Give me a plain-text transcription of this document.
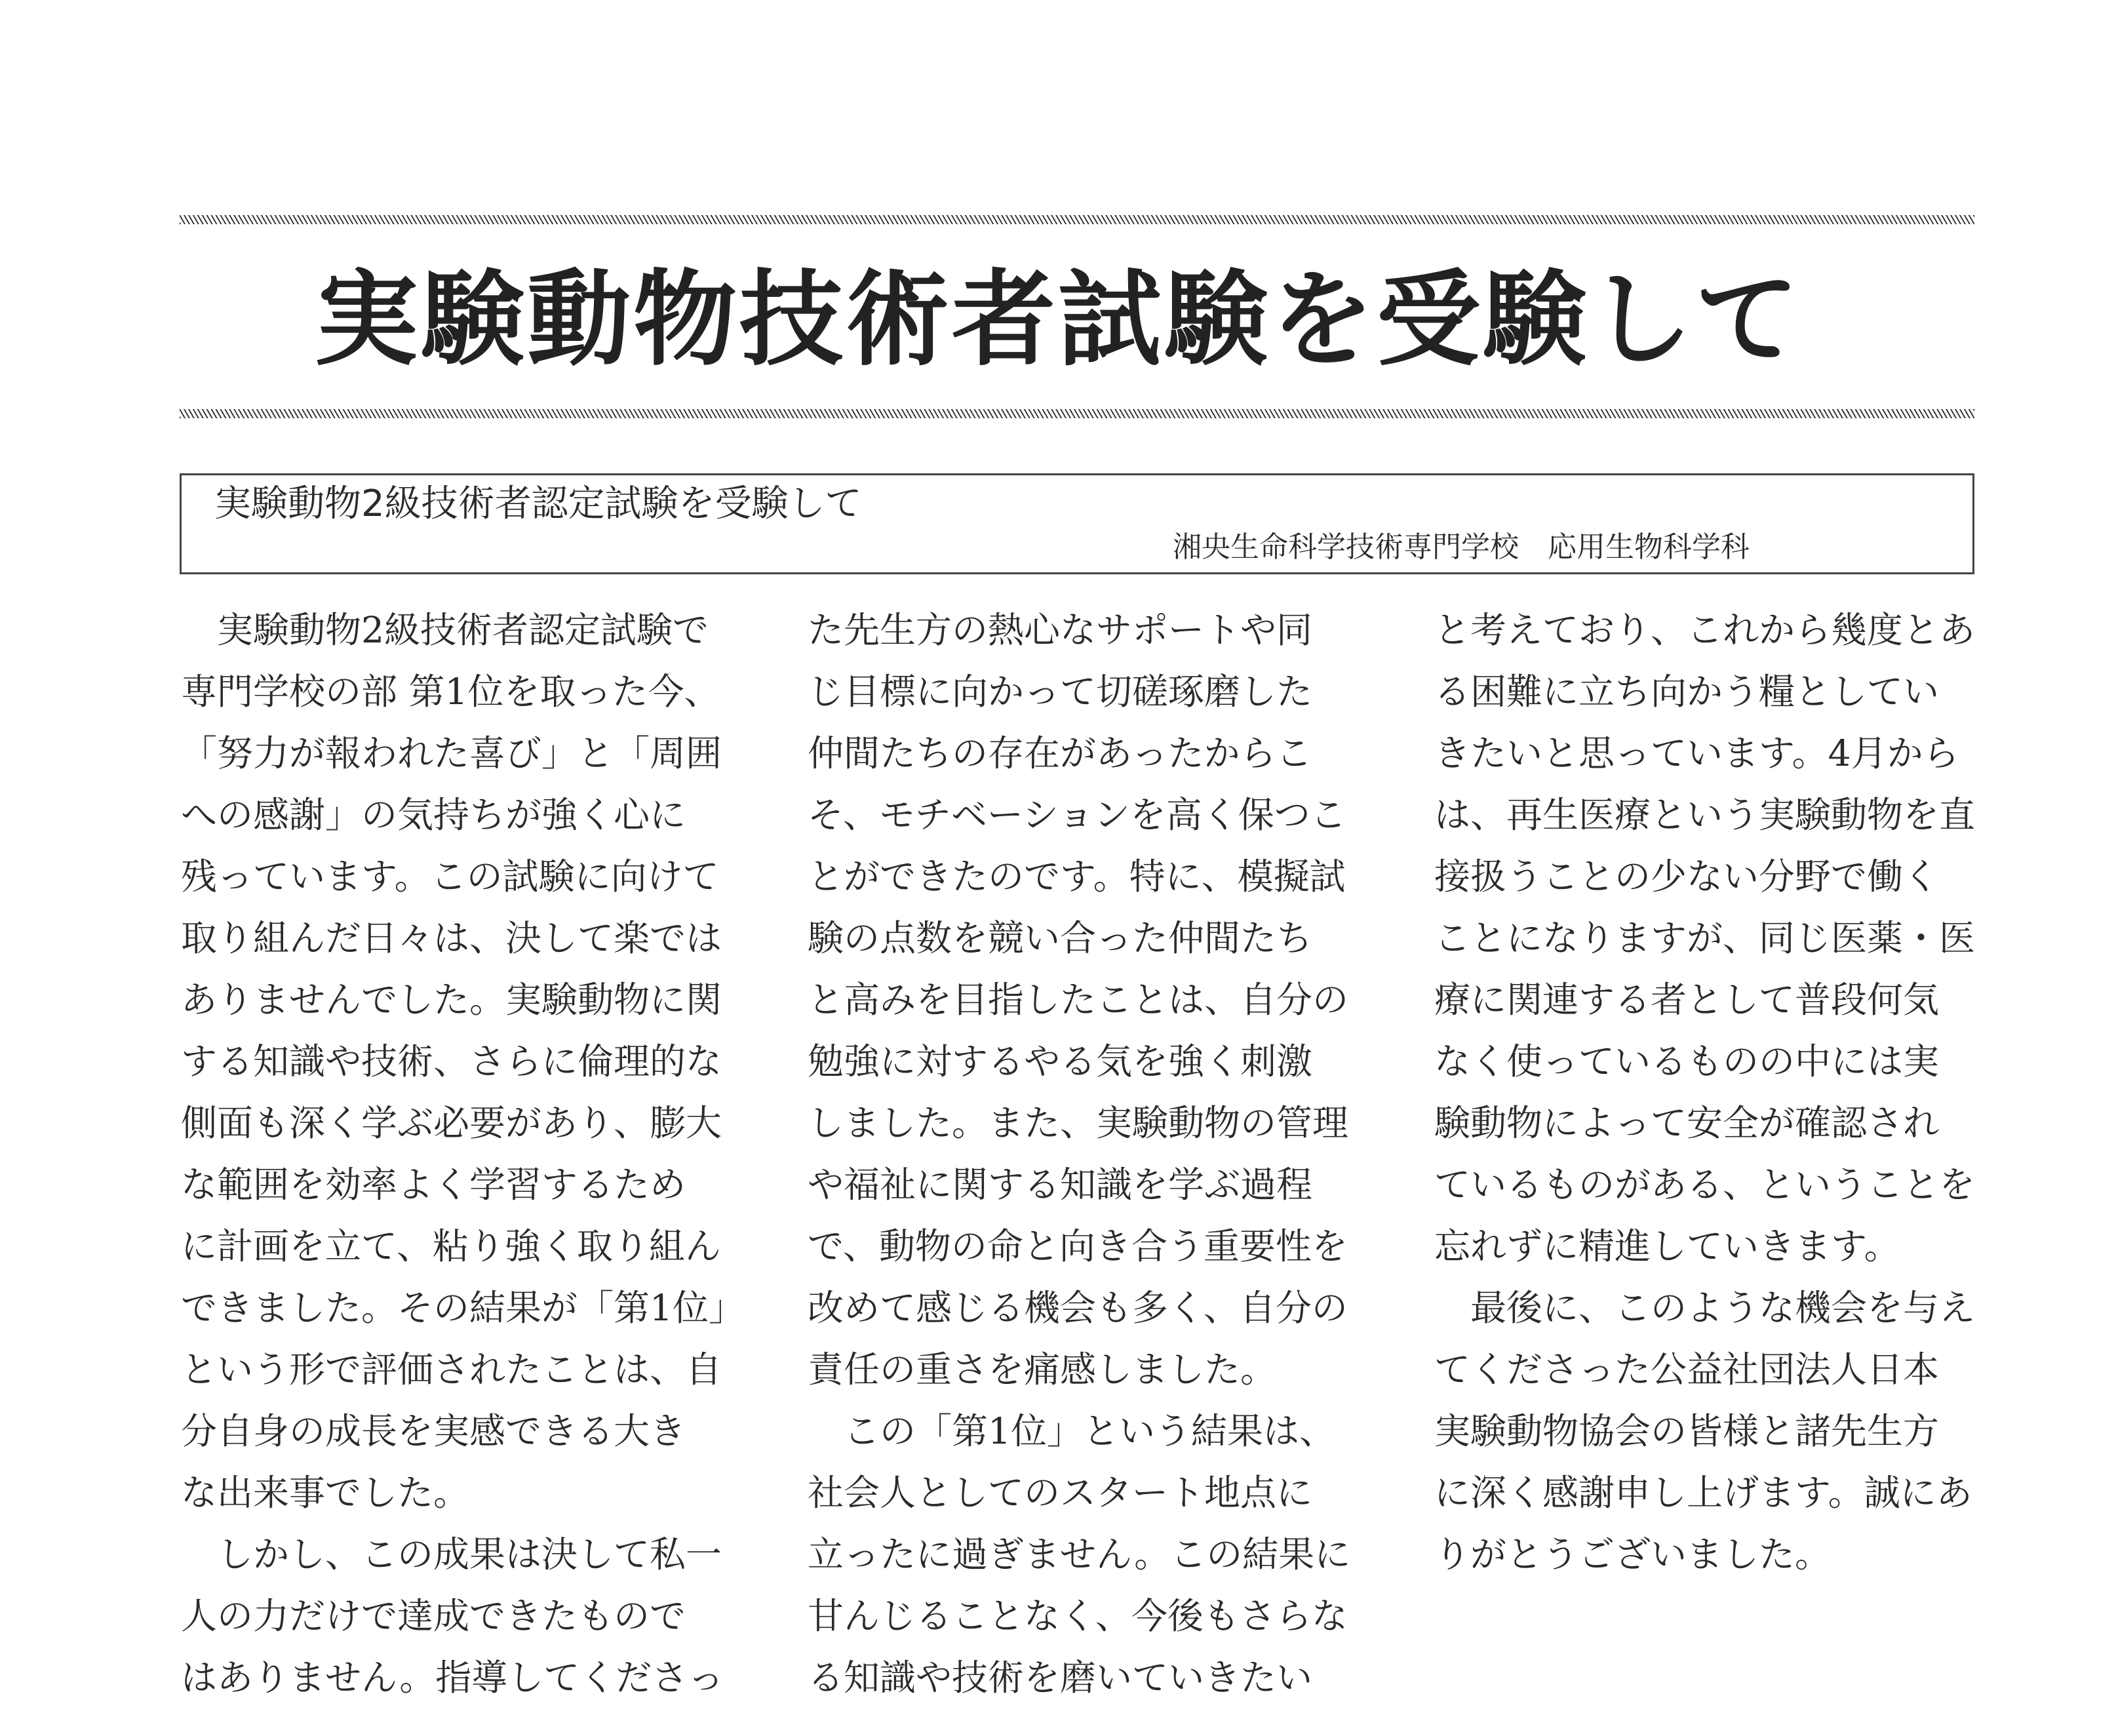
実験動物技術者試験を受験して
実験動物2級技術者認定試験を受験して
湘央生命科学技術専門学校　応用生物科学科
　実験動物2級技術者認定試験で
専門学校の部 第1位を取った今、
「努力が報われた喜び」と「周囲
への感謝」の気持ちが強く心に
残っています。この試験に向けて
取り組んだ日々は、決して楽では
ありませんでした。実験動物に関
する知識や技術、さらに倫理的な
側面も深く学ぶ必要があり、膨大
な範囲を効率よく学習するため
に計画を立て、粘り強く取り組ん
できました。その結果が「第1位」
という形で評価されたことは、自
分自身の成長を実感できる大き
な出来事でした。
　しかし、この成果は決して私一
人の力だけで達成できたもので
はありません。指導してくださっ
た先生方の熱心なサポートや同
じ目標に向かって切磋琢磨した
仲間たちの存在があったからこ
そ、モチベーションを高く保つこ
とができたのです。特に、模擬試
験の点数を競い合った仲間たち
と高みを目指したことは、自分の
勉強に対するやる気を強く刺激
しました。また、実験動物の管理
や福祉に関する知識を学ぶ過程
で、動物の命と向き合う重要性を
改めて感じる機会も多く、自分の
責任の重さを痛感しました。
　この「第1位」という結果は、
社会人としてのスタート地点に
立ったに過ぎません。この結果に
甘んじることなく、今後もさらな
る知識や技術を磨いていきたい
と考えており、これから幾度とあ
る困難に立ち向かう糧としてい
きたいと思っています。4月から
は、再生医療という実験動物を直
接扱うことの少ない分野で働く
ことになりますが、同じ医薬・医
療に関連する者として普段何気
なく使っているものの中には実
験動物によって安全が確認され
ているものがある、ということを
忘れずに精進していきます。
　最後に、このような機会を与え
てくださった公益社団法人日本
実験動物協会の皆様と諸先生方
に深く感謝申し上げます。誠にあ
りがとうございました。
